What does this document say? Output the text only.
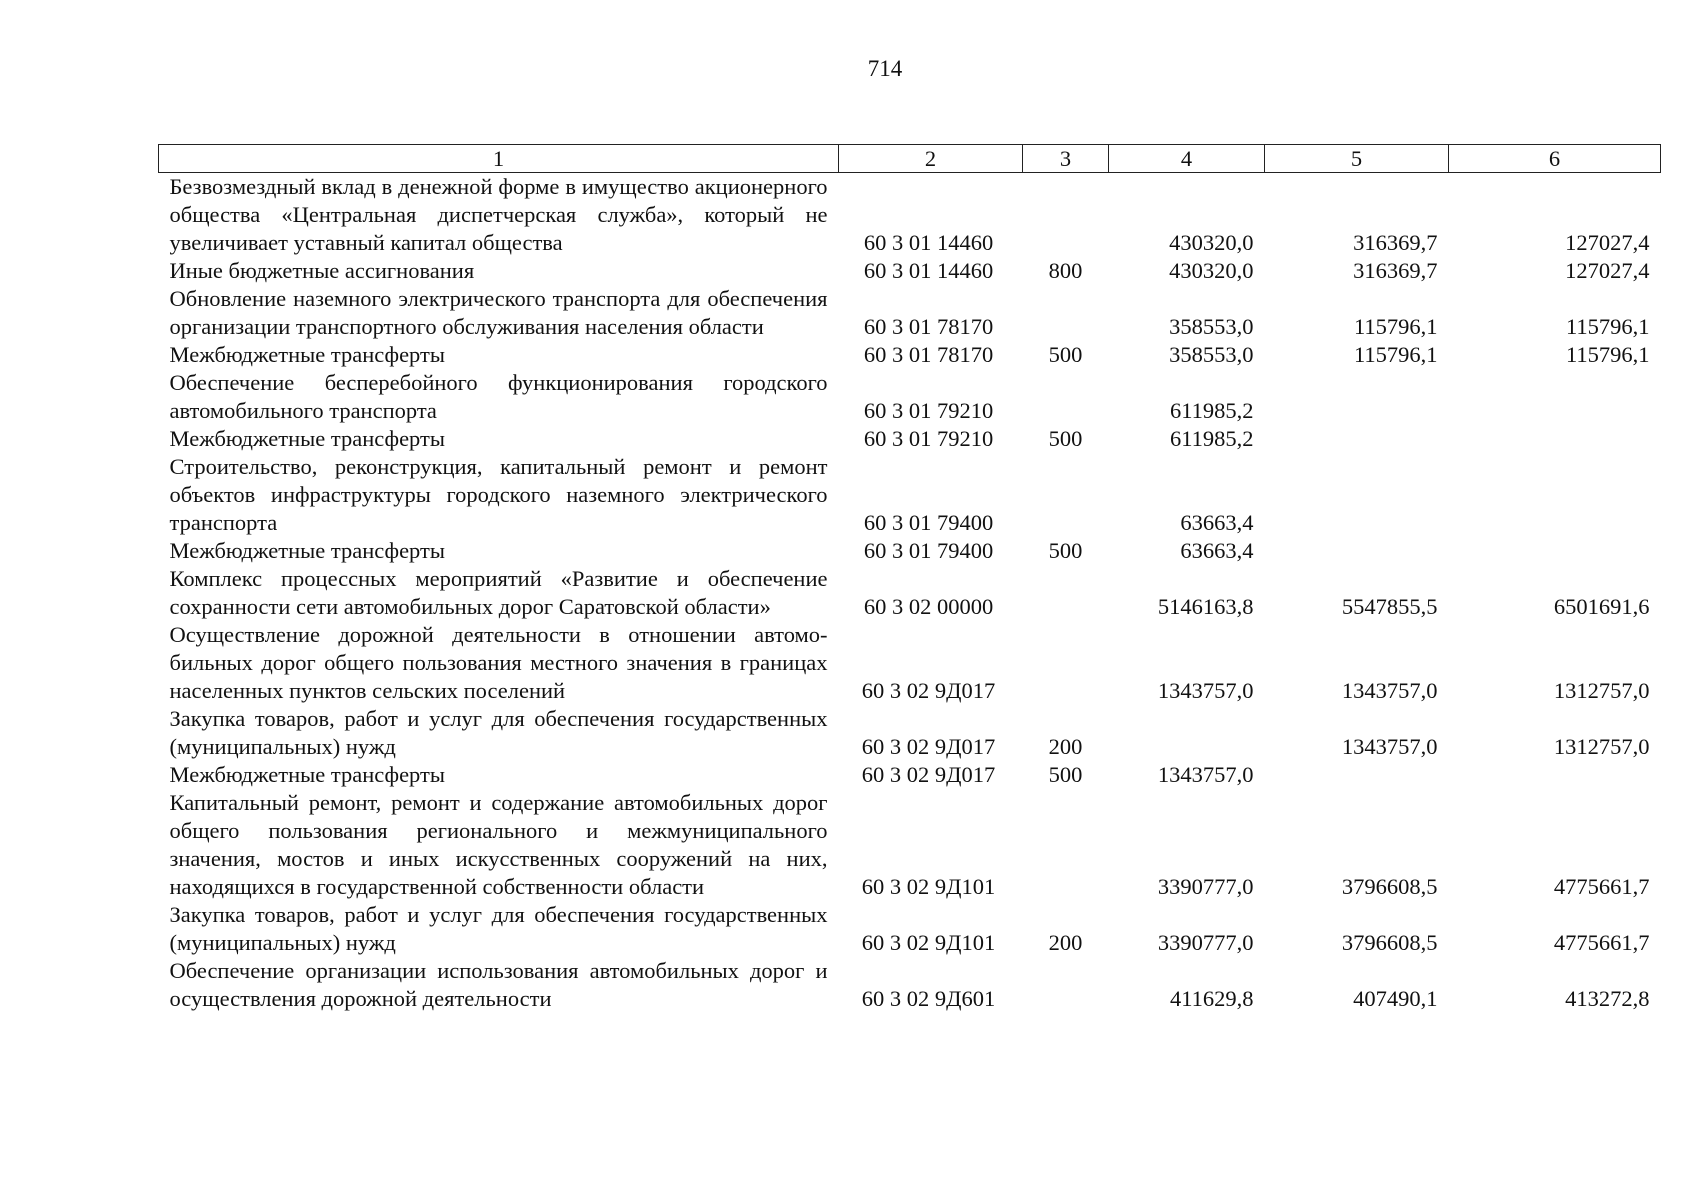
714
1	2	3	4	5	6
Безвозмездный вклад в денежной форме в имущество акционерного общества «Центральная диспетчерская служба», который не увеличивает уставный капитал общества	60 3 01 14460		430320,0	316369,7	127027,4
Иные бюджетные ассигнования	60 3 01 14460	800	430320,0	316369,7	127027,4
Обновление наземного электрического транспорта для обеспечения организации транспортного обслуживания населения области	60 3 01 78170		358553,0	115796,1	115796,1
Межбюджетные трансферты	60 3 01 78170	500	358553,0	115796,1	115796,1
Обеспечение бесперебойного функционирования городского автомобильного транспорта	60 3 01 79210		611985,2		
Межбюджетные трансферты	60 3 01 79210	500	611985,2		
Строительство, реконструкция, капитальный ремонт и ремонт объектов инфраструктуры городского наземного электрического транспорта	60 3 01 79400		63663,4		
Межбюджетные трансферты	60 3 01 79400	500	63663,4		
Комплекс процессных мероприятий «Развитие и обеспечение сохранности сети автомобильных дорог Саратовской области»	60 3 02 00000		5146163,8	5547855,5	6501691,6
Осуществление дорожной деятельности в отношении автомобильных дорог общего пользования местного значения в границах населенных пунктов сельских поселений	60 3 02 9Д017		1343757,0	1343757,0	1312757,0
Закупка товаров, работ и услуг для обеспечения государственных (муниципальных) нужд	60 3 02 9Д017	200		1343757,0	1312757,0
Межбюджетные трансферты	60 3 02 9Д017	500	1343757,0		
Капитальный ремонт, ремонт и содержание автомобильных дорог общего пользования регионального и межмуниципального значения, мостов и иных искусственных сооружений на них, находящихся в государственной собственности области	60 3 02 9Д101		3390777,0	3796608,5	4775661,7
Закупка товаров, работ и услуг для обеспечения государственных (муниципальных) нужд	60 3 02 9Д101	200	3390777,0	3796608,5	4775661,7
Обеспечение организации использования автомобильных дорог и осуществления дорожной деятельности	60 3 02 9Д601		411629,8	407490,1	413272,8
